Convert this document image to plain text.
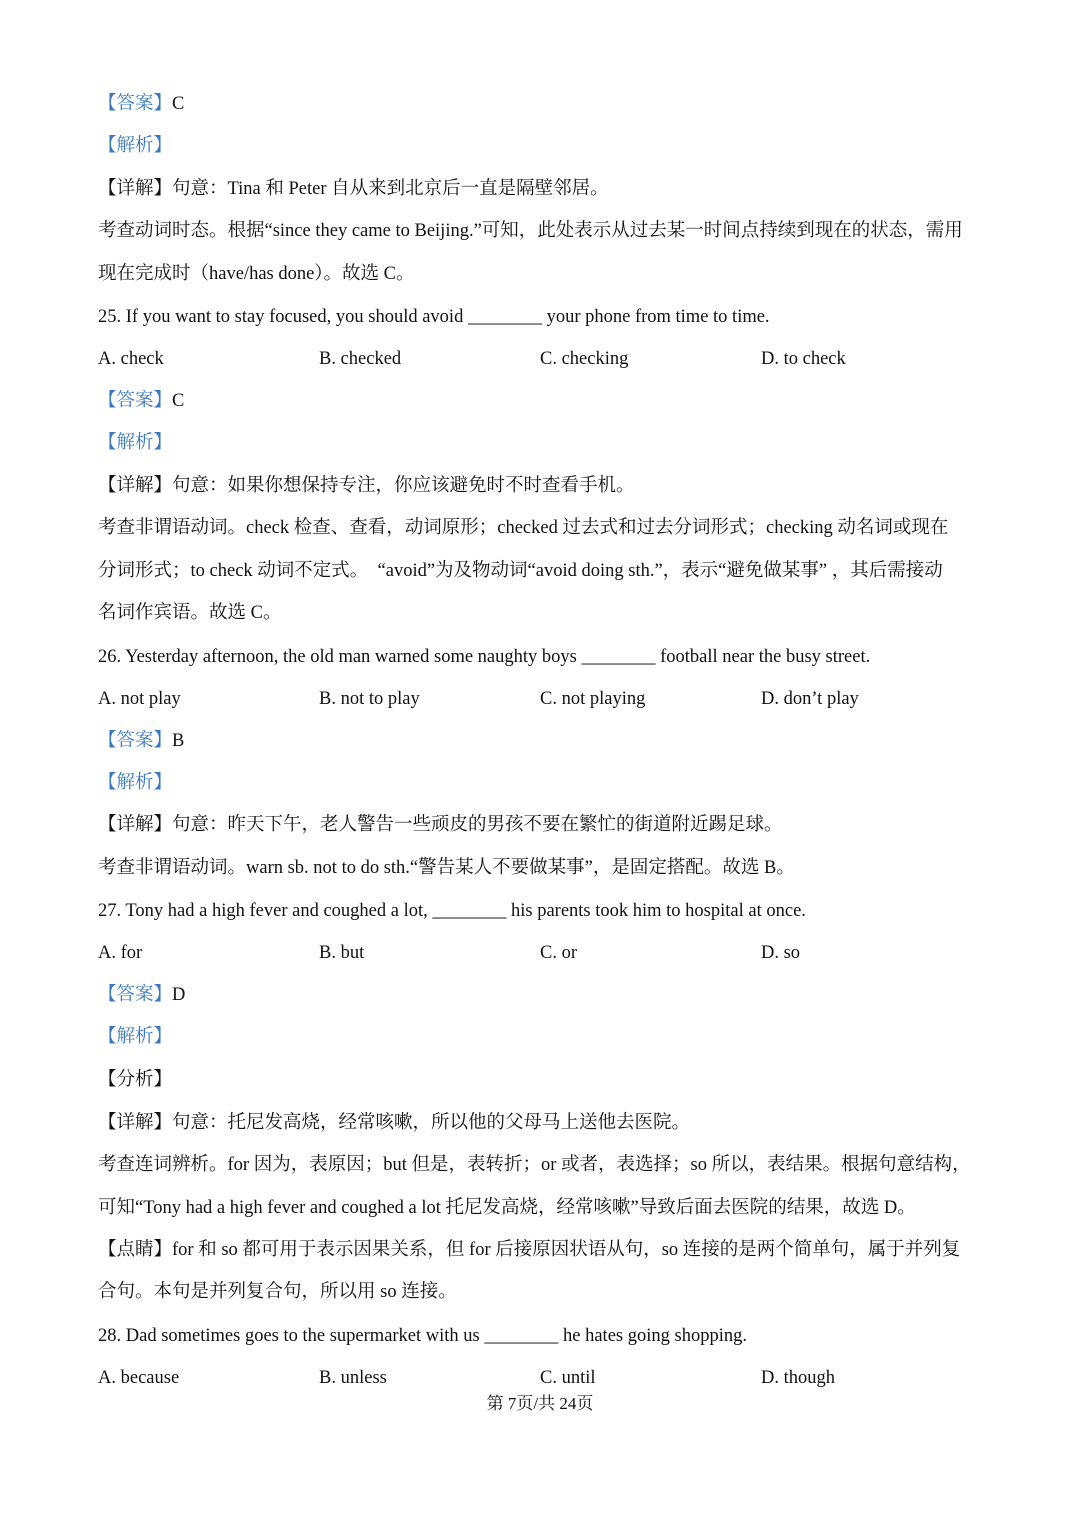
【答案】C
【解析】
【详解】句意：Tina 和 Peter 自从来到北京后一直是隔壁邻居。
考查动词时态。根据“since they came to Beijing.”可知，此处表示从过去某一时间点持续到现在的状态，需用
现在完成时（have/has done）。故选 C。
25. If you want to stay focused, you should avoid ________ your phone from time to time.
A. check	B. checked	C. checking	D. to check
【答案】C
【解析】
【详解】句意：如果你想保持专注，你应该避免时不时查看手机。
考查非谓语动词。check 检查、查看，动词原形；checked 过去式和过去分词形式；checking 动名词或现在
分词形式；to check 动词不定式。　“avoid”为及物动词“avoid doing sth.”，表示“避免做某事” ，其后需接动
名词作宾语。故选 C。
26. Yesterday afternoon, the old man warned some naughty boys ________ football near the busy street.
A. not play	B. not to play	C. not playing	D. don’t play
【答案】B
【解析】
【详解】句意：昨天下午，老人警告一些顽皮的男孩不要在繁忙的街道附近踢足球。
考查非谓语动词。warn sb. not to do sth.“警告某人不要做某事”，是固定搭配。故选 B。
27. Tony had a high fever and coughed a lot, ________ his parents took him to hospital at once.
A. for	B. but	C. or	D. so
【答案】D
【解析】
【分析】
【详解】句意：托尼发高烧，经常咳嗽，所以他的父母马上送他去医院。
考查连词辨析。for 因为，表原因；but 但是，表转折；or 或者，表选择；so 所以，表结果。根据句意结构，
可知“Tony had a high fever and coughed a lot 托尼发高烧，经常咳嗽”导致后面去医院的结果，故选 D。
【点睛】for 和 so 都可用于表示因果关系，但 for 后接原因状语从句，so 连接的是两个简单句，属于并列复
合句。本句是并列复合句，所以用 so 连接。
28. Dad sometimes goes to the supermarket with us ________ he hates going shopping.
A. because	B. unless	C. until	D. though
第 7页/共 24页
